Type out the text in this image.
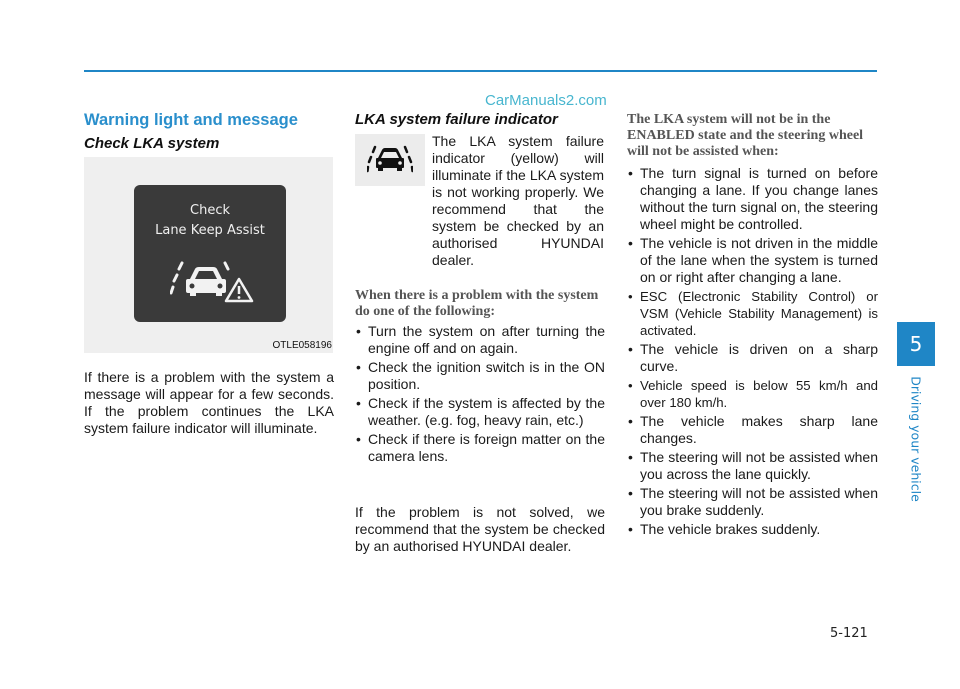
CarManuals2.com
Warning light and message
Check LKA system
Check
Lane Keep Assist
OTLE058196

If there is a problem with the system a message will appear for a few seconds. If the problem continues the LKA system failure indicator will illuminate.

LKA system failure indicator

The LKA system failure indicator (yellow) will illuminate if the LKA system is not working properly. We recommend that the system be checked by an authorised HYUNDAI dealer.

When there is a problem with the system do one of the following:
• Turn the system on after turning the engine off and on again.
• Check the ignition switch is in the ON position.
• Check if the system is affected by the weather. (e.g. fog, heavy rain, etc.)
• Check if there is foreign matter on the camera lens.

If the problem is not solved, we recommend that the system be checked by an authorised HYUNDAI dealer.

The LKA system will not be in the ENABLED state and the steering wheel will not be assisted when:
• The turn signal is turned on before changing a lane. If you change lanes without the turn signal on, the steering wheel might be controlled.
• The vehicle is not driven in the middle of the lane when the system is turned on or right after changing a lane.
• ESC (Electronic Stability Control) or VSM (Vehicle Stability Management) is activated.
• The vehicle is driven on a sharp curve.
• Vehicle speed is below 55 km/h and over 180 km/h.
• The vehicle makes sharp lane changes.
• The steering will not be assisted when you across the lane quickly.
• The steering will not be assisted when you brake suddenly.
• The vehicle brakes suddenly.
5
Driving your vehicle
5-121
